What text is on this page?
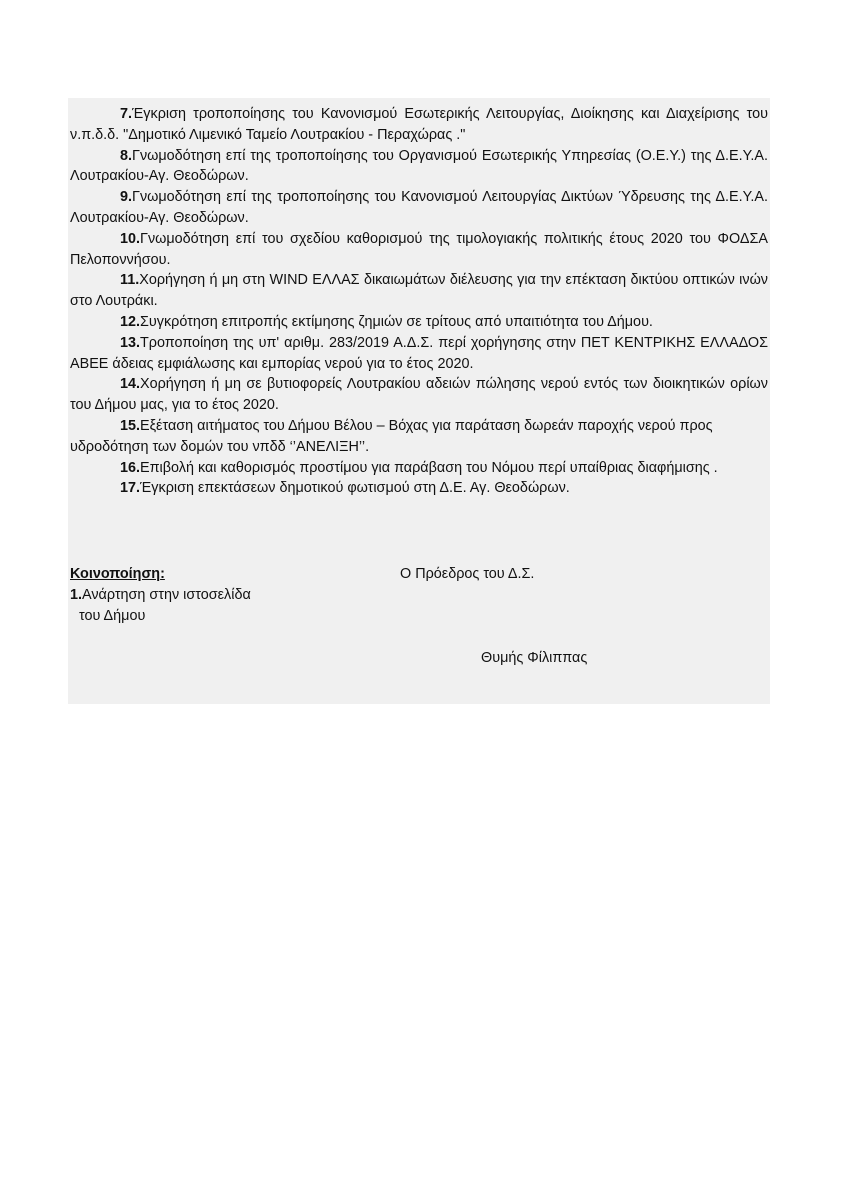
7.Έγκριση τροποποίησης του Κανονισμού Εσωτερικής Λειτουργίας, Διοίκησης και Διαχείρισης του ν.π.δ.δ. "Δημοτικό Λιμενικό Ταμείο Λουτρακίου - Περαχώρας ."
8.Γνωμοδότηση επί της τροποποίησης του Οργανισμού Εσωτερικής Υπηρεσίας (Ο.Ε.Υ.) της Δ.Ε.Υ.Α. Λουτρακίου-Αγ. Θεοδώρων.
9.Γνωμοδότηση επί της τροποποίησης του Κανονισμού Λειτουργίας Δικτύων Ύδρευσης της Δ.Ε.Υ.Α. Λουτρακίου-Αγ. Θεοδώρων.
10.Γνωμοδότηση επί του σχεδίου καθορισμού της τιμολογιακής πολιτικής έτους 2020 του ΦΟΔΣΑ Πελοποννήσου.
11.Χορήγηση ή μη στη WIND ΕΛΛΑΣ δικαιωμάτων διέλευσης για την επέκταση δικτύου οπτικών ινών στο Λουτράκι.
12.Συγκρότηση επιτροπής εκτίμησης ζημιών σε τρίτους από υπαιτιότητα του Δήμου.
13.Τροποποίηση της υπ' αριθμ. 283/2019 Α.Δ.Σ. περί χορήγησης στην ΠΕΤ ΚΕΝΤΡΙΚΗΣ ΕΛΛΑΔΟΣ ΑΒΕΕ άδειας εμφιάλωσης και εμπορίας νερού για το έτος 2020.
14.Χορήγηση ή μη σε βυτιοφορείς Λουτρακίου αδειών πώλησης νερού εντός των διοικητικών ορίων του Δήμου μας, για το έτος 2020.
15.Εξέταση αιτήματος του Δήμου Βέλου – Βόχας για παράταση δωρεάν παροχής νερού προς υδροδότηση των δομών του νπδδ ‘’ΑΝΕΛΙΞΗ’’.
16.Επιβολή και καθορισμός προστίμου για παράβαση του Νόμου περί υπαίθριας διαφήμισης .
17.Έγκριση επεκτάσεων δημοτικού φωτισμού στη Δ.Ε. Αγ. Θεοδώρων.
Κοινοποίηση:
1.Ανάρτηση στην ιστοσελίδα
του Δήμου
Ο Πρόεδρος του Δ.Σ.
Θυμής Φίλιππας
